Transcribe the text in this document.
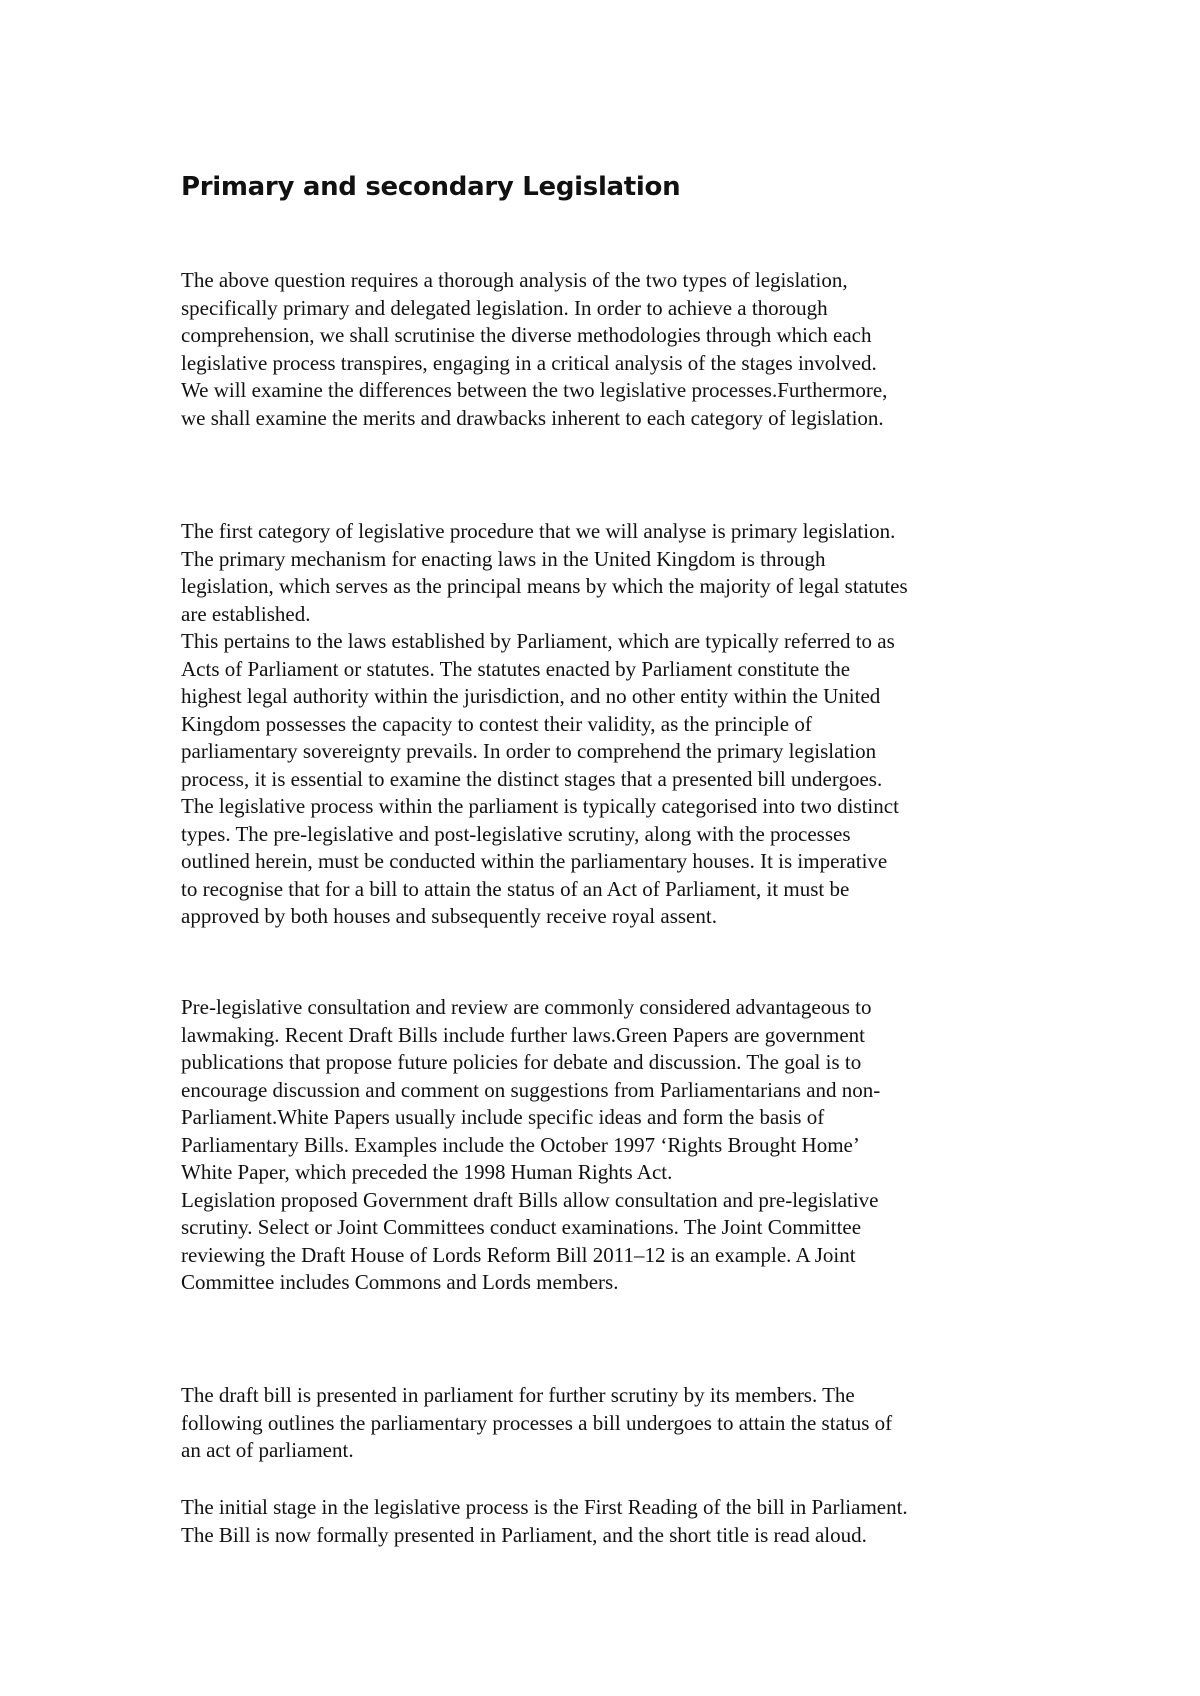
Primary and secondary Legislation

The above question requires a thorough analysis of the two types of legislation,
specifically primary and delegated legislation. In order to achieve a thorough
comprehension, we shall scrutinise the diverse methodologies through which each
legislative process transpires, engaging in a critical analysis of the stages involved.
We will examine the differences between the two legislative processes.Furthermore,
we shall examine the merits and drawbacks inherent to each category of legislation.

The first category of legislative procedure that we will analyse is primary legislation.
The primary mechanism for enacting laws in the United Kingdom is through
legislation, which serves as the principal means by which the majority of legal statutes
are established.
This pertains to the laws established by Parliament, which are typically referred to as
Acts of Parliament or statutes. The statutes enacted by Parliament constitute the
highest legal authority within the jurisdiction, and no other entity within the United
Kingdom possesses the capacity to contest their validity, as the principle of
parliamentary sovereignty prevails. In order to comprehend the primary legislation
process, it is essential to examine the distinct stages that a presented bill undergoes.
The legislative process within the parliament is typically categorised into two distinct
types. The pre-legislative and post-legislative scrutiny, along with the processes
outlined herein, must be conducted within the parliamentary houses. It is imperative
to recognise that for a bill to attain the status of an Act of Parliament, it must be
approved by both houses and subsequently receive royal assent.

Pre-legislative consultation and review are commonly considered advantageous to
lawmaking. Recent Draft Bills include further laws.Green Papers are government
publications that propose future policies for debate and discussion. The goal is to
encourage discussion and comment on suggestions from Parliamentarians and non-
Parliament.White Papers usually include specific ideas and form the basis of
Parliamentary Bills. Examples include the October 1997 ‘Rights Brought Home’
White Paper, which preceded the 1998 Human Rights Act.
Legislation proposed Government draft Bills allow consultation and pre-legislative
scrutiny. Select or Joint Committees conduct examinations. The Joint Committee
reviewing the Draft House of Lords Reform Bill 2011–12 is an example. A Joint
Committee includes Commons and Lords members.

The draft bill is presented in parliament for further scrutiny by its members. The
following outlines the parliamentary processes a bill undergoes to attain the status of
an act of parliament.

The initial stage in the legislative process is the First Reading of the bill in Parliament.
The Bill is now formally presented in Parliament, and the short title is read aloud.
